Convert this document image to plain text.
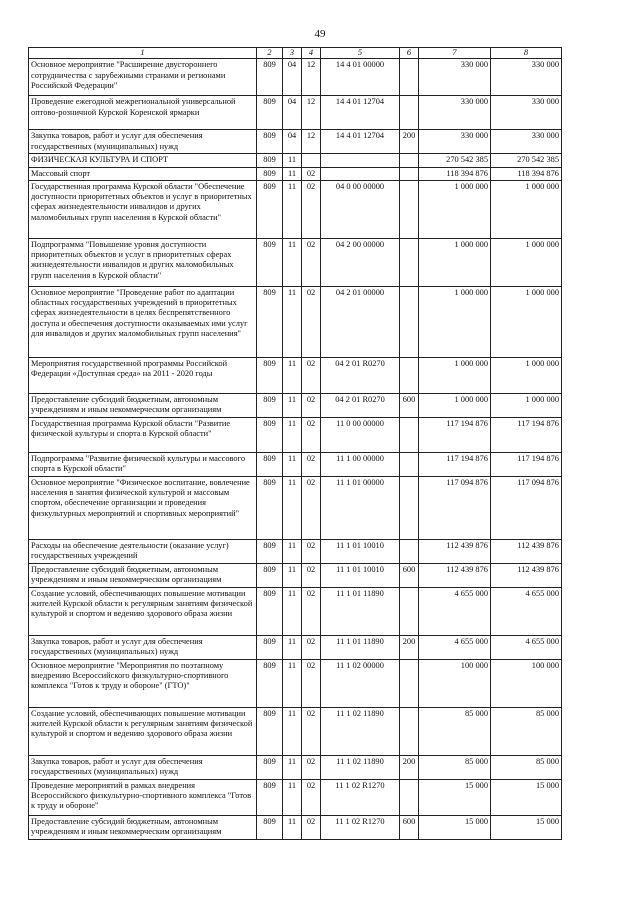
49
1	2	3	4	5	6	7	8
Основное мероприятие "Расширение двустороннего сотрудничества с зарубежными странами и регионами Российской Федерации"	809	04	12	14 4 01 00000		330 000	330 000
Проведение ежегодной межрегиональной универсальной оптово-розничной Курской Коренской ярмарки	809	04	12	14 4 01 12704		330 000	330 000
Закупка товаров, работ и услуг для обеспечения государственных (муниципальных) нужд	809	04	12	14 4 01 12704	200	330 000	330 000
ФИЗИЧЕСКАЯ КУЛЬТУРА И СПОРТ	809	11				270 542 385	270 542 385
Массовый спорт	809	11	02			118 394 876	118 394 876
Государственная программа Курской области "Обеспечение доступности приоритетных объектов и услуг в приоритетных сферах жизнедеятельности инвалидов и других маломобильных групп населения в Курской области"	809	11	02	04 0 00 00000		1 000 000	1 000 000
Подпрограмма "Повышение уровня доступности приоритетных объектов и услуг в приоритетных сферах жизнедеятельности инвалидов и других маломобильных групп населения в Курской области"	809	11	02	04 2 00 00000		1 000 000	1 000 000
Основное мероприятие "Проведение работ по адаптации областных государственных учреждений в приоритетных сферах жизнедеятельности в целях беспрепятственного доступа и обеспечения доступности оказываемых ими услуг для инвалидов и других маломобильных групп населения"	809	11	02	04 2 01 00000		1 000 000	1 000 000
Мероприятия государственной программы Российской Федерации «Доступная среда» на 2011 - 2020 годы	809	11	02	04 2 01 R0270		1 000 000	1 000 000
Предоставление субсидий бюджетным, автономным учреждениям и иным некоммерческим организациям	809	11	02	04 2 01 R0270	600	1 000 000	1 000 000
Государственная программа Курской области "Развитие физической культуры и спорта в Курской области"	809	11	02	11 0 00 00000		117 194 876	117 194 876
Подпрограмма "Развитие физической культуры и массового спорта в Курской области"	809	11	02	11 1 00 00000		117 194 876	117 194 876
Основное мероприятие "Физическое воспитание, вовлечение населения в занятия физической культурой и массовым спортом, обеспечение организации и проведения физкультурных мероприятий и спортивных мероприятий"	809	11	02	11 1 01 00000		117 094 876	117 094 876
Расходы на обеспечение деятельности (оказание услуг) государственных учреждений	809	11	02	11 1 01 10010		112 439 876	112 439 876
Предоставление субсидий бюджетным, автономным учреждениям и иным некоммерческим организациям	809	11	02	11 1 01 10010	600	112 439 876	112 439 876
Создание условий, обеспечивающих повышение мотивации жителей Курской области к регулярным занятиям физической культурой и спортом и ведению здорового образа жизни	809	11	02	11 1 01 11890		4 655 000	4 655 000
Закупка товаров, работ и услуг для обеспечения государственных (муниципальных) нужд	809	11	02	11 1 01 11890	200	4 655 000	4 655 000
Основное мероприятие "Мероприятия по поэтапному внедрению Всероссийского физкультурно-спортивного комплекса "Готов к труду и обороне" (ГТО)"	809	11	02	11 1 02 00000		100 000	100 000
Создание условий, обеспечивающих повышение мотивации жителей Курской области к регулярным занятиям физической культурой и спортом и ведению здорового образа жизни	809	11	02	11 1 02 11890		85 000	85 000
Закупка товаров, работ и услуг для обеспечения государственных (муниципальных) нужд	809	11	02	11 1 02 11890	200	85 000	85 000
Проведение мероприятий в рамках внедрения Всероссийского физкультурно-спортивного комплекса "Готов к труду и обороне"	809	11	02	11 1 02 R1270		15 000	15 000
Предоставление субсидий бюджетным, автономным учреждениям и иным некоммерческим организациям	809	11	02	11 1 02 R1270	600	15 000	15 000
